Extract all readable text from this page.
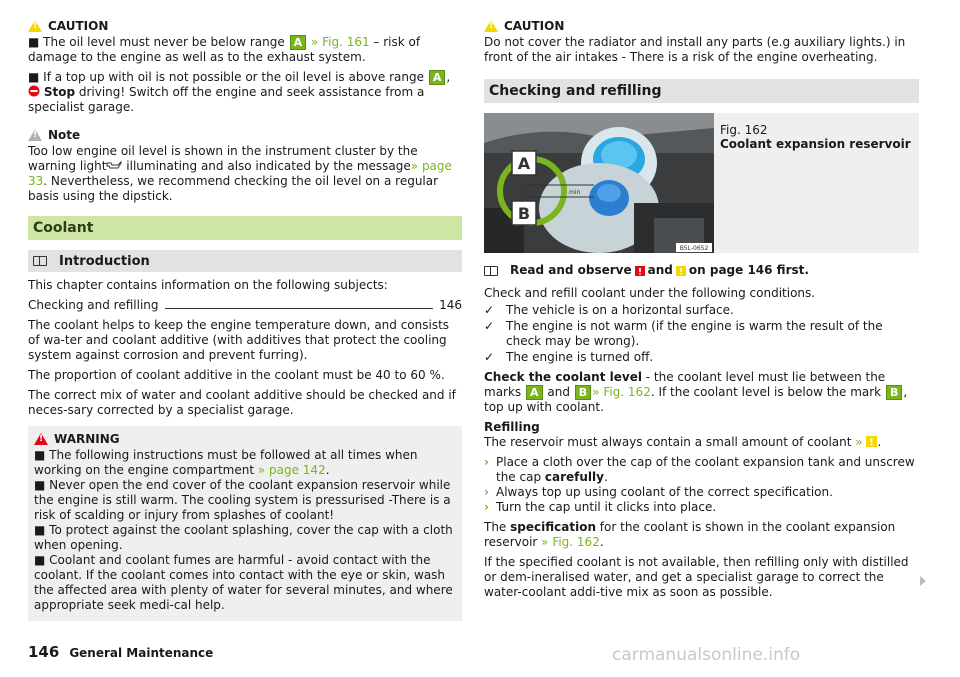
!
CAUTION

■ The oil level must never be below range A » Fig. 161 – risk of damage to the engine as well as to the exhaust system.

■ If a top up with oil is not possible or the oil level is above range A ,  Stop driving! Switch off the engine and seek assistance from a specialist garage.

!
Note

Too low engine oil level is shown in the instrument cluster by the warning light illuminating and also indicated by the message» page 33. Nevertheless, we recommend checking the oil level on a regular basis using the dipstick.

Coolant
Introduction

This chapter contains information on the following subjects:

Checking and refilling	146

The coolant helps to keep the engine temperature down, and consists of wa-ter and coolant additive (with additives that protect the cooling system against corrosion and prevent furring).

The proportion of coolant additive in the coolant must be 40 to 60 %.

The correct mix of water and coolant additive should be checked and if neces-sary corrected by a specialist garage.

!
WARNING

■ The following instructions must be followed at all times when working on the engine compartment » page 142.

■ Never open the end cover of the coolant expansion reservoir while the engine is still warm. The cooling system is pressurised -There is a risk of scalding or injury from splashes of coolant!

■ To protect against the coolant splashing, cover the cap with a cloth when opening.

■ Coolant and coolant fumes are harmful - avoid contact with the coolant. If the coolant comes into contact with the eye or skin, wash the affected area with plenty of water for several minutes, and where appropriate seek medi-cal help.

!
CAUTION

Do not cover the radiator and install any parts (e.g auxiliary lights.) in front of the air intakes - There is a risk of the engine overheating.

Checking and refilling
min
A
B
B5L-0652
Fig. 162
Coolant expansion reservoir
Read and observe and on page 146 first.

Check and refill coolant under the following conditions.

✓ The vehicle is on a horizontal surface.
✓ The engine is not warm (if the engine is warm the result of the check may be wrong).
✓ The engine is turned off.

Check the coolant level - the coolant level must lie between the marks A and B » Fig. 162. If the coolant level is below the mark B , top up with coolant.

Refilling

The reservoir must always contain a small amount of coolant » .

› Place a cloth over the cap of the coolant expansion tank and unscrew the cap carefully.
› Always top up using coolant of the correct specification.
› Turn the cap until it clicks into place.

The specification for the coolant is shown in the coolant expansion reservoir » Fig. 162.

If the specified coolant is not available, then refilling only with distilled or dem-ineralised water, and get a specialist garage to correct the water-coolant addi-tive mix as soon as possible.

146 General Maintenance	carmanualsonline.info
